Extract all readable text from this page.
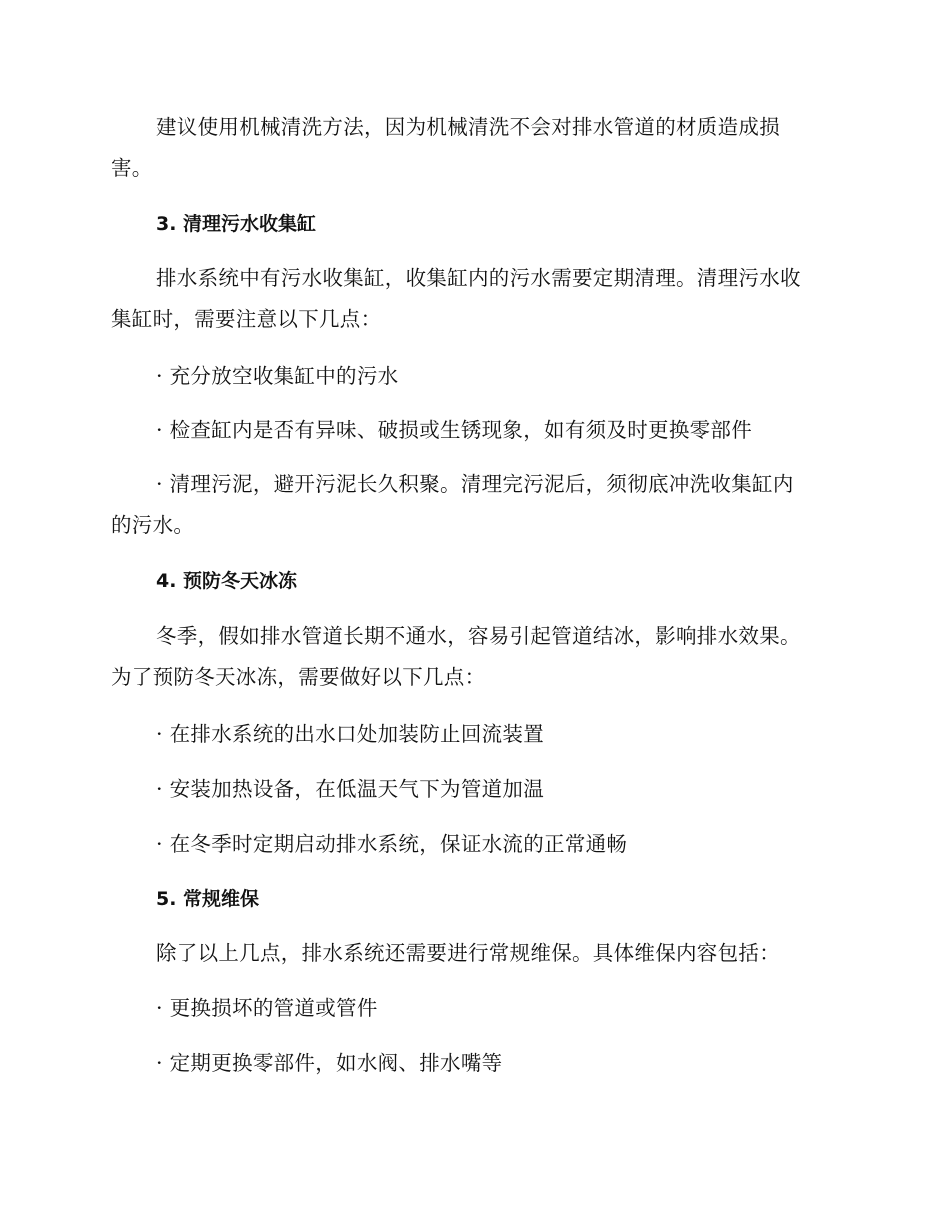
建议使用机械清洗方法，因为机械清洗不会对排水管道的材质造成损
害。
3. 清理污水收集缸
排水系统中有污水收集缸，收集缸内的污水需要定期清理。清理污水收
集缸时，需要注意以下几点：
· 充分放空收集缸中的污水
· 检查缸内是否有异味、破损或生锈现象，如有须及时更换零部件
· 清理污泥，避开污泥长久积聚。清理完污泥后，须彻底冲洗收集缸内
的污水。
4. 预防冬天冰冻
冬季，假如排水管道长期不通水，容易引起管道结冰，影响排水效果。
为了预防冬天冰冻，需要做好以下几点：
· 在排水系统的出水口处加装防止回流装置
· 安装加热设备，在低温天气下为管道加温
· 在冬季时定期启动排水系统，保证水流的正常通畅
5. 常规维保
除了以上几点，排水系统还需要进行常规维保。具体维保内容包括：
· 更换损坏的管道或管件
· 定期更换零部件，如水阀、排水嘴等
